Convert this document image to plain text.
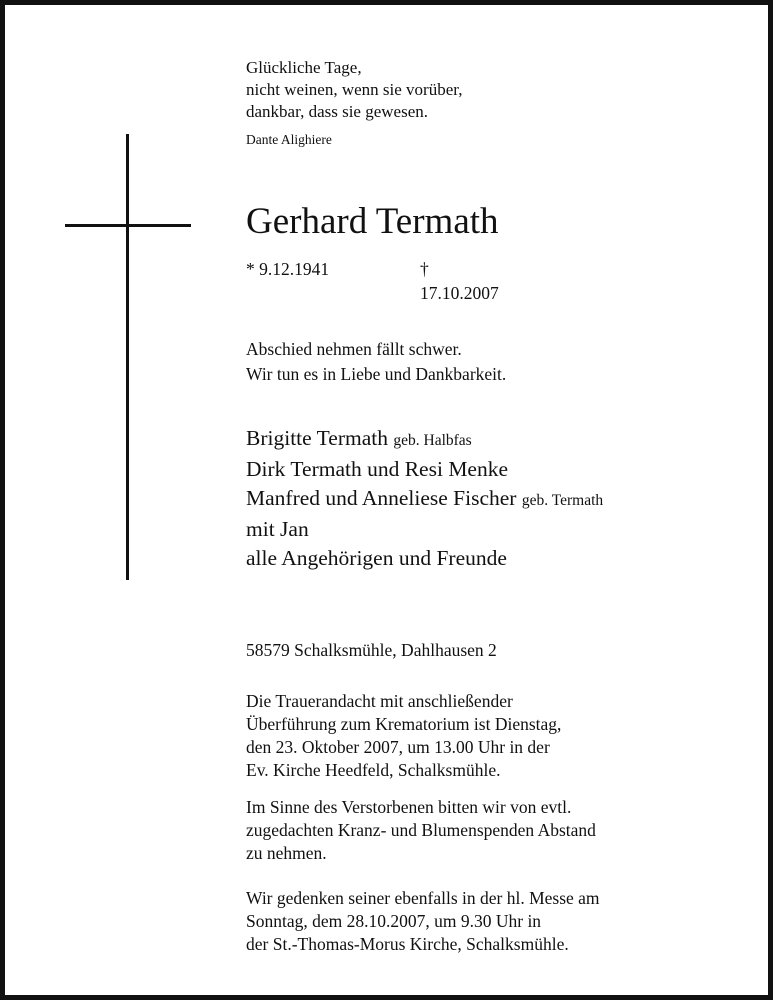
Glückliche Tage,
nicht weinen, wenn sie vorüber,
dankbar, dass sie gewesen.
Dante Alighiere
Gerhard Termath
* 9.12.1941	† 17.10.2007
Abschied nehmen fällt schwer.
Wir tun es in Liebe und Dankbarkeit.
Brigitte Termath geb. Halbfas
Dirk Termath und Resi Menke
Manfred und Anneliese Fischer geb. Termath
mit Jan
alle Angehörigen und Freunde
58579 Schalksmühle, Dahlhausen 2
Die Trauerandacht mit anschließender
Überführung zum Krematorium ist Dienstag,
den 23. Oktober 2007, um 13.00 Uhr in der
Ev. Kirche Heedfeld, Schalksmühle.
Im Sinne des Verstorbenen bitten wir von evtl.
zugedachten Kranz- und Blumenspenden Abstand
zu nehmen.
Wir gedenken seiner ebenfalls in der hl. Messe am
Sonntag, dem 28.10.2007, um 9.30 Uhr in
der St.-Thomas-Morus Kirche, Schalksmühle.
